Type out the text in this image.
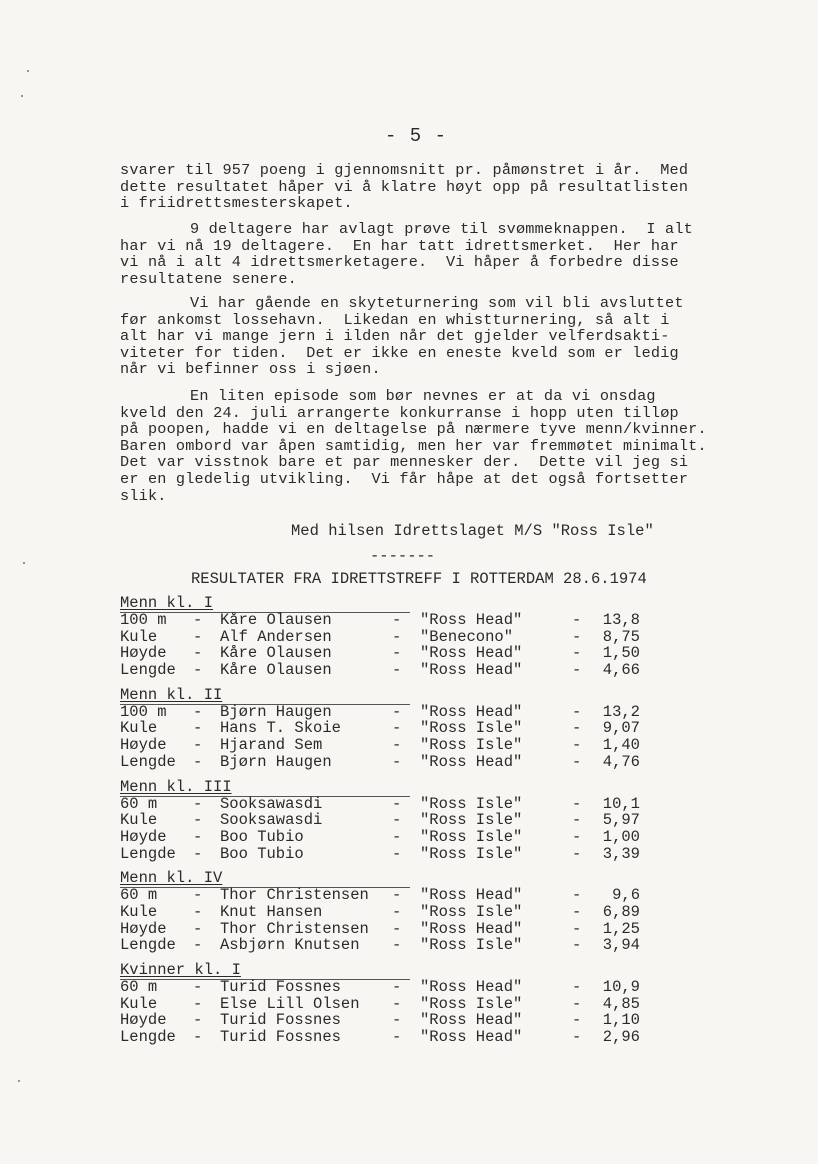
- 5 -
svarer til 957 poeng i gjennomsnitt pr. påmønstret i år.  Med
dette resultatet håper vi å klatre høyt opp på resultatlisten
i friidrettsmesterskapet.
9 deltagere har avlagt prøve til svømmeknappen.  I alt
har vi nå 19 deltagere.  En har tatt idrettsmerket.  Her har
vi nå i alt 4 idrettsmerketagere.  Vi håper å forbedre disse
resultatene senere.
Vi har gående en skyteturnering som vil bli avsluttet
før ankomst lossehavn.  Likedan en whistturnering, så alt i
alt har vi mange jern i ilden når det gjelder velferdsakti-
viteter for tiden.  Det er ikke en eneste kveld som er ledig
når vi befinner oss i sjøen.
En liten episode som bør nevnes er at da vi onsdag
kveld den 24. juli arrangerte konkurranse i hopp uten tilløp
på poopen, hadde vi en deltagelse på nærmere tyve menn/kvinner.
Baren ombord var åpen samtidig, men her var fremmøtet minimalt.
Det var visstnok bare et par mennesker der.  Dette vil jeg si
er en gledelig utvikling.  Vi får håpe at det også fortsetter
slik.
Med hilsen Idrettslaget M/S "Ross Isle"
-------
RESULTATER FRA IDRETTSTREFF I ROTTERDAM 28.6.1974
Menn kl. I
100 m - Kåre Olausen	- "Ross Head"	-	13,8
Kule - Alf Andersen	- "Benecono"	-	8,75
Høyde - Kåre Olausen	- "Ross Head"	-	1,50
Lengde - Kåre Olausen	- "Ross Head"	-	4,66
Menn kl. II
100 m - Bjørn Haugen	- "Ross Head"	-	13,2
Kule - Hans T. Skoie	- "Ross Isle"	-	9,07
Høyde - Hjarand Sem	- "Ross Isle"	-	1,40
Lengde - Bjørn Haugen	- "Ross Head"	-	4,76
Menn kl. III
60 m - Sooksawasdi	- "Ross Isle"	-	10,1
Kule - Sooksawasdi	- "Ross Isle"	-	5,97
Høyde - Boo Tubio	- "Ross Isle"	-	1,00
Lengde - Boo Tubio	- "Ross Isle"	-	3,39
Menn kl. IV
60 m - Thor Christensen - "Ross Head"	-	9,6
Kule - Knut Hansen	- "Ross Isle"	-	6,89
Høyde - Thor Christensen - "Ross Head"	-	1,25
Lengde - Asbjørn Knutsen - "Ross Isle"	-	3,94
Kvinner kl. I
60 m - Turid Fossnes	- "Ross Head"	-	10,9
Kule - Else Lill Olsen - "Ross Isle"	-	4,85
Høyde - Turid Fossnes	- "Ross Head"	-	1,10
Lengde - Turid Fossnes	- "Ross Head"	-	2,96
